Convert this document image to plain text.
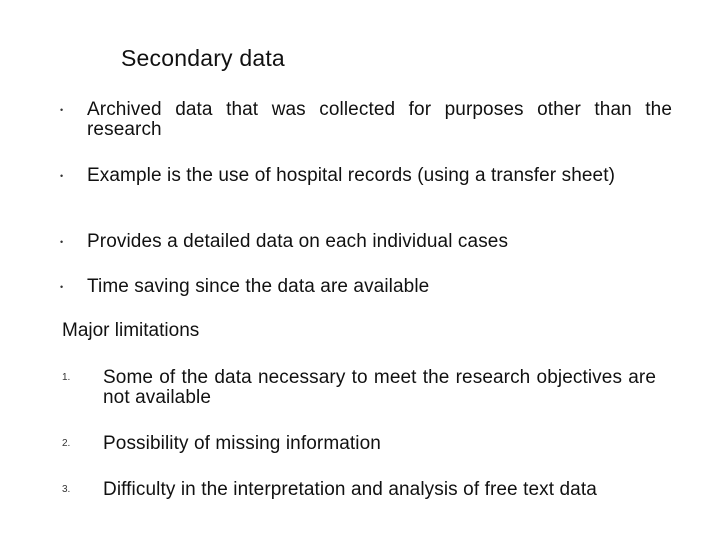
Secondary data
• Archived data that was collected for purposes other than the research
• Example is the use of hospital records (using a transfer sheet)
• Provides a detailed data on each individual cases
• Time saving since the data are available
Major limitations
1. Some of the data necessary to meet the research objectives are not available
2. Possibility of missing information
3. Difficulty in the interpretation and analysis of free text data
